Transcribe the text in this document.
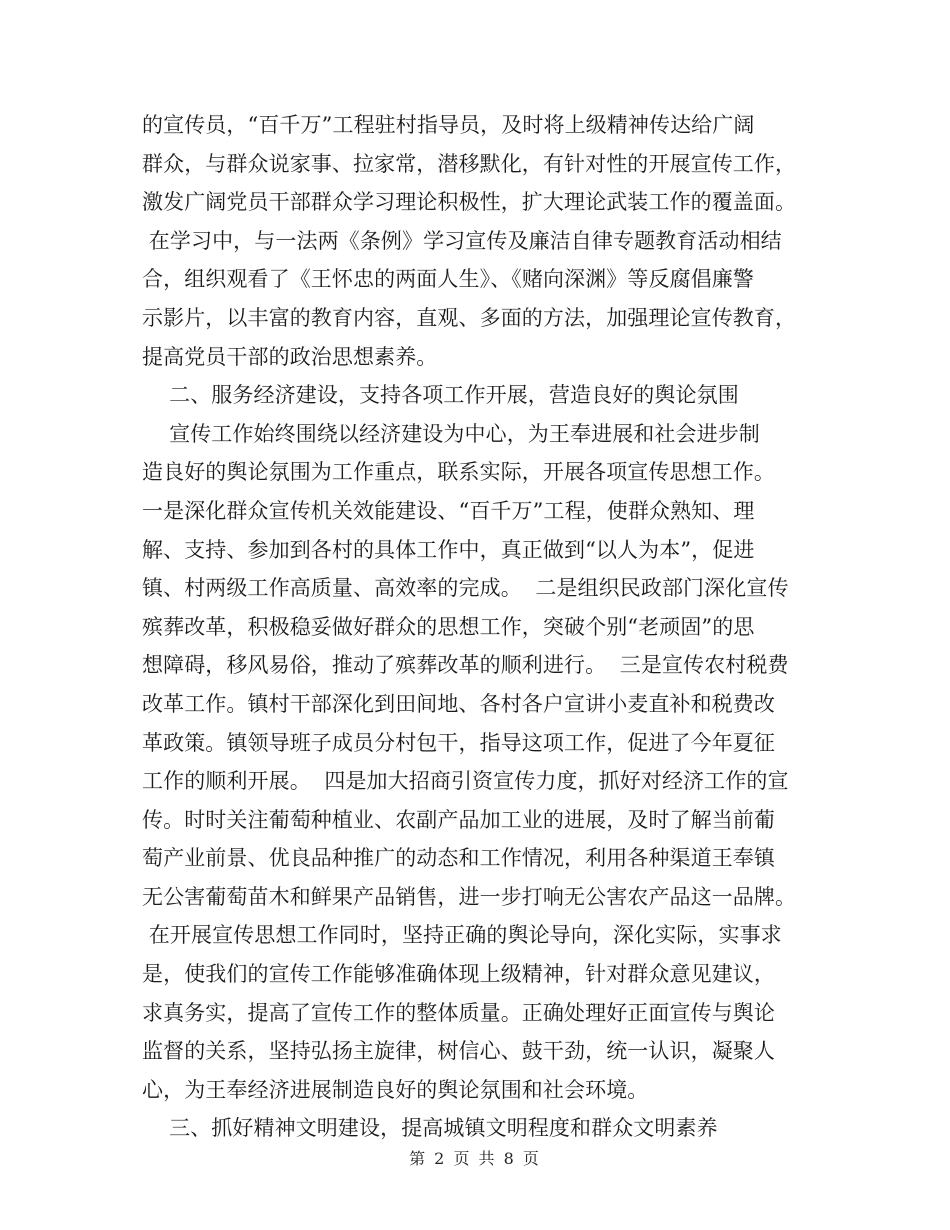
的宣传员，“百千万”工程驻村指导员，及时将上级精神传达给广阔
群众，与群众说家事、拉家常，潜移默化，有针对性的开展宣传工作，
激发广阔党员干部群众学习理论积极性，扩大理论武装工作的覆盖面。
在学习中，与一法两《条例》学习宣传及廉洁自律专题教育活动相结
合，组织观看了《王怀忠的两面人生》、《赌向深渊》等反腐倡廉警
示影片，以丰富的教育内容，直观、多面的方法，加强理论宣传教育，
提高党员干部的政治思想素养。
二、服务经济建设，支持各项工作开展，营造良好的舆论氛围
宣传工作始终围绕以经济建设为中心，为王奉进展和社会进步制
造良好的舆论氛围为工作重点，联系实际，开展各项宣传思想工作。
一是深化群众宣传机关效能建设、“百千万”工程，使群众熟知、理
解、支持、参加到各村的具体工作中，真正做到“以人为本”，促进
镇、村两级工作高质量、高效率的完成。  二是组织民政部门深化宣传
殡葬改革，积极稳妥做好群众的思想工作，突破个别“老顽固”的思
想障碍，移风易俗，推动了殡葬改革的顺利进行。  三是宣传农村税费
改革工作。镇村干部深化到田间地、各村各户宣讲小麦直补和税费改
革政策。镇领导班子成员分村包干，指导这项工作，促进了今年夏征
工作的顺利开展。  四是加大招商引资宣传力度，抓好对经济工作的宣
传。时时关注葡萄种植业、农副产品加工业的进展，及时了解当前葡
萄产业前景、优良品种推广的动态和工作情况，利用各种渠道王奉镇
无公害葡萄苗木和鲜果产品销售，进一步打响无公害农产品这一品牌。
在开展宣传思想工作同时，坚持正确的舆论导向，深化实际，实事求
是，使我们的宣传工作能够准确体现上级精神，针对群众意见建议，
求真务实，提高了宣传工作的整体质量。正确处理好正面宣传与舆论
监督的关系，坚持弘扬主旋律，树信心、鼓干劲，统一认识，凝聚人
心，为王奉经济进展制造良好的舆论氛围和社会环境。
三、抓好精神文明建设，提高城镇文明程度和群众文明素养
第 2 页 共 8 页
